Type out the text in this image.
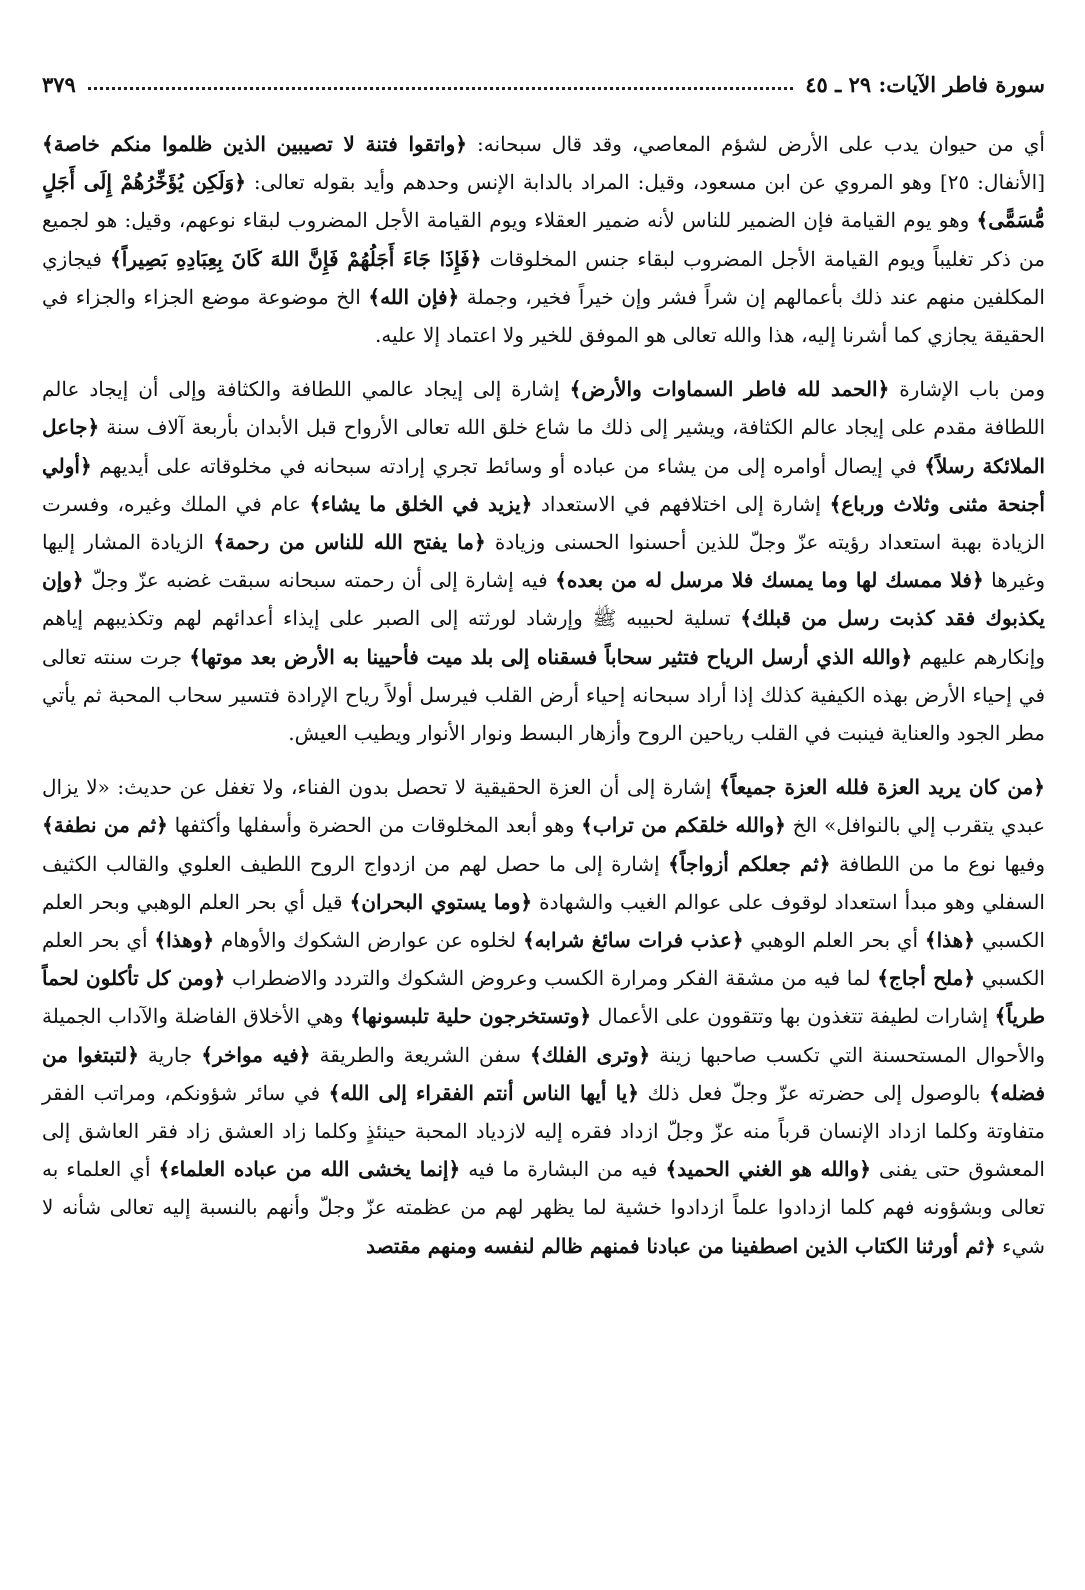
سورة فاطر الآيات: ٢٩ ـ ٤٥
٣٧٩

أي من حيوان يدب على الأرض لشؤم المعاصي، وقد قال سبحانه: ﴿واتقوا فتنة لا تصيبين الذين ظلموا منكم خاصة﴾ [الأنفال: ٢٥] وهو المروي عن ابن مسعود، وقيل: المراد بالدابة الإنس وحدهم وأيد بقوله تعالى: ﴿وَلَكِن يُؤَخِّرُهُمْ إِلَى أَجَلٍ مُّسَمًّى﴾ وهو يوم القيامة فإن الضمير للناس لأنه ضمير العقلاء ويوم القيامة الأجل المضروب لبقاء نوعهم، وقيل: هو لجميع من ذكر تغليباً ويوم القيامة الأجل المضروب لبقاء جنس المخلوقات ﴿فَإِذَا جَاءَ أَجَلُهُمْ فَإِنَّ اللهَ كَانَ بِعِبَادِهِ بَصِيراً﴾ فيجازي المكلفين منهم عند ذلك بأعمالهم إن شراً فشر وإن خيراً فخير، وجملة ﴿فإن الله﴾ الخ موضوعة موضع الجزاء والجزاء في الحقيقة يجازي كما أشرنا إليه، هذا والله تعالى هو الموفق للخير ولا اعتماد إلا عليه.

ومن باب الإشارة ﴿الحمد لله فاطر السماوات والأرض﴾ إشارة إلى إيجاد عالمي اللطافة والكثافة وإلى أن إيجاد عالم اللطافة مقدم على إيجاد عالم الكثافة، ويشير إلى ذلك ما شاع خلق الله تعالى الأرواح قبل الأبدان بأربعة آلاف سنة ﴿جاعل الملائكة رسلاً﴾ في إيصال أوامره إلى من يشاء من عباده أو وسائط تجري إرادته سبحانه في مخلوقاته على أيديهم ﴿أولي أجنحة مثنى وثلاث ورباع﴾ إشارة إلى اختلافهم في الاستعداد ﴿يزيد في الخلق ما يشاء﴾ عام في الملك وغيره، وفسرت الزيادة بهبة استعداد رؤيته عزّ وجلّ للذين أحسنوا الحسنى وزيادة ﴿ما يفتح الله للناس من رحمة﴾ الزيادة المشار إليها وغيرها ﴿فلا ممسك لها وما يمسك فلا مرسل له من بعده﴾ فيه إشارة إلى أن رحمته سبحانه سبقت غضبه عزّ وجلّ ﴿وإن يكذبوك فقد كذبت رسل من قبلك﴾ تسلية لحبيبه ﷺ وإرشاد لورثته إلى الصبر على إيذاء أعدائهم لهم وتكذيبهم إياهم وإنكارهم عليهم ﴿والله الذي أرسل الرياح فتثير سحاباً فسقناه إلى بلد ميت فأحيينا به الأرض بعد موتها﴾ جرت سنته تعالى في إحياء الأرض بهذه الكيفية كذلك إذا أراد سبحانه إحياء أرض القلب فيرسل أولاً رياح الإرادة فتسير سحاب المحبة ثم يأتي مطر الجود والعناية فينبت في القلب رياحين الروح وأزهار البسط ونوار الأنوار ويطيب العيش.

﴿من كان يريد العزة فلله العزة جميعاً﴾ إشارة إلى أن العزة الحقيقية لا تحصل بدون الفناء، ولا تغفل عن حديث: «لا يزال عبدي يتقرب إلي بالنوافل» الخ ﴿والله خلقكم من تراب﴾ وهو أبعد المخلوقات من الحضرة وأسفلها وأكثفها ﴿ثم من نطفة﴾ وفيها نوع ما من اللطافة ﴿ثم جعلكم أزواجاً﴾ إشارة إلى ما حصل لهم من ازدواج الروح اللطيف العلوي والقالب الكثيف السفلي وهو مبدأ استعداد لوقوف على عوالم الغيب والشهادة ﴿وما يستوي البحران﴾ قيل أي بحر العلم الوهبي وبحر العلم الكسبي ﴿هذا﴾ أي بحر العلم الوهبي ﴿عذب فرات سائغ شرابه﴾ لخلوه عن عوارض الشكوك والأوهام ﴿وهذا﴾ أي بحر العلم الكسبي ﴿ملح أجاج﴾ لما فيه من مشقة الفكر ومرارة الكسب وعروض الشكوك والتردد والاضطراب ﴿ومن كل تأكلون لحماً طرياً﴾ إشارات لطيفة تتغذون بها وتتقوون على الأعمال ﴿وتستخرجون حلية تلبسونها﴾ وهي الأخلاق الفاضلة والآداب الجميلة والأحوال المستحسنة التي تكسب صاحبها زينة ﴿وترى الفلك﴾ سفن الشريعة والطريقة ﴿فيه مواخر﴾ جارية ﴿لتبتغوا من فضله﴾ بالوصول إلى حضرته عزّ وجلّ فعل ذلك ﴿يا أيها الناس أنتم الفقراء إلى الله﴾ في سائر شؤونكم، ومراتب الفقر متفاوتة وكلما ازداد الإنسان قرباً منه عزّ وجلّ ازداد فقره إليه لازدياد المحبة حينئذٍ وكلما زاد العشق زاد فقر العاشق إلى المعشوق حتى يفنى ﴿والله هو الغني الحميد﴾ فيه من البشارة ما فيه ﴿إنما يخشى الله من عباده العلماء﴾ أي العلماء به تعالى وبشؤونه فهم كلما ازدادوا علماً ازدادوا خشية لما يظهر لهم من عظمته عزّ وجلّ وأنهم بالنسبة إليه تعالى شأنه لا شيء ﴿ثم أورثنا الكتاب الذين اصطفينا من عبادنا فمنهم ظالم لنفسه ومنهم مقتصد
